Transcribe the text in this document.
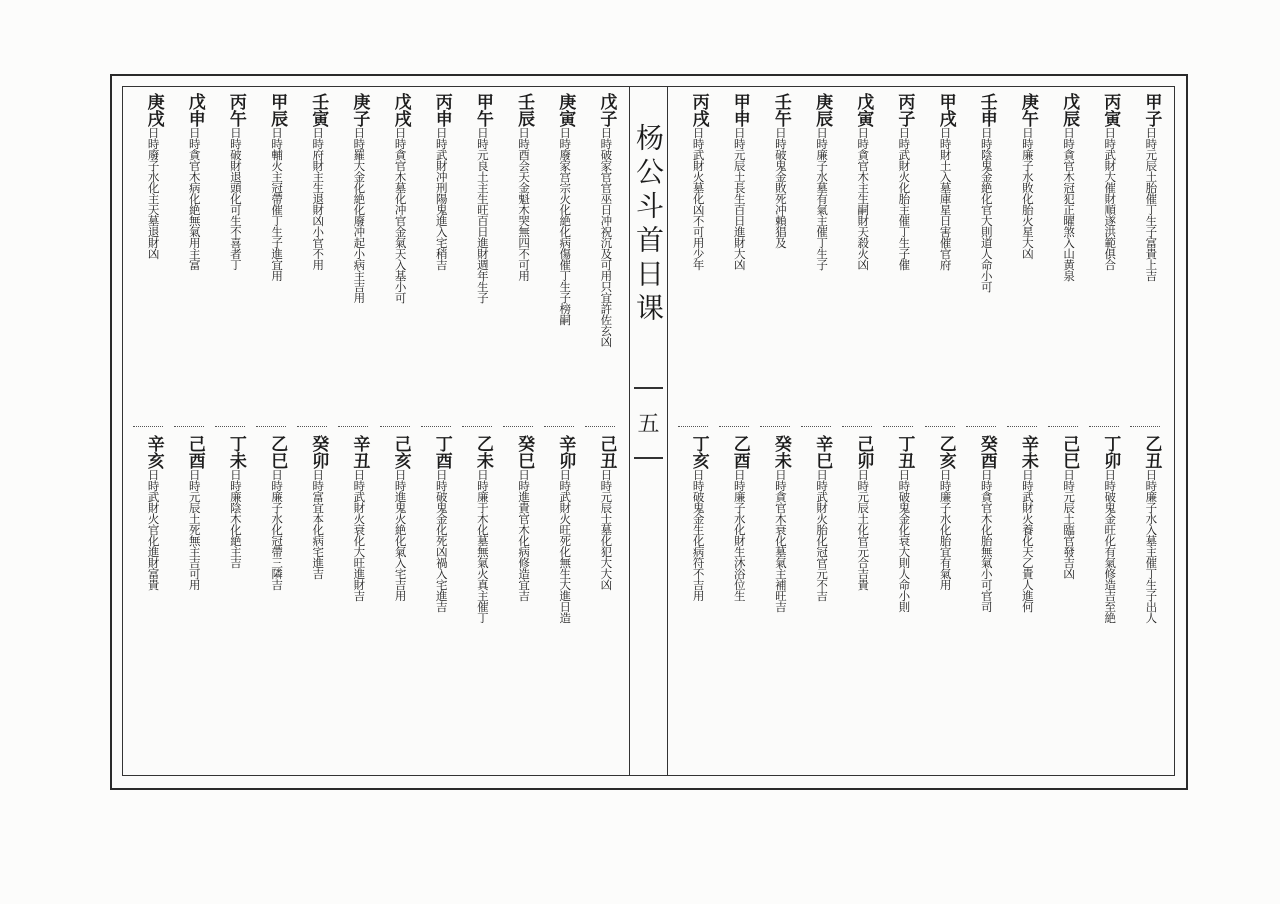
戊子日時破家官官巫日冲祝沉及可用只宜許佐玄凶
庚寅日時廢家宫宗火化絶化病傷催丁生子榜嗣
壬辰日時酉会天金魁木哭無四不可用
甲午日時元良土主生旺百日進財週年生子
丙申日時武財冲刑陽鬼進入宅稍吉
戊戌日時貪官木墓化冲官金氣天入基小可
庚子日時羅大金化絶化廢冲起小病主吉用
壬寅日時府財主生退財凶小官不用
甲辰日時輔火主冠帶催丁生子進宜用
丙午日時破財退頭化可生不喜者丁
戊申日時貪官木病化絶無氣用主富
庚戌日時廢子水化主天墓退財凶
己丑日時元辰士墓化犯大大凶
辛卯日時武財火旺死化無生大進日造
癸巳日時進貴官木化病修造宜吉
乙未日時廉于木化墓無氣火真主催丁
丁酉日時破鬼金化死凶禍入宅進吉
己亥日時進鬼火絶化氣入宅吉用
辛丑日時武財火衰化大旺進財吉
癸卯日時富宜本化病宅進吉
乙巳日時廉子水化冠帶三隣吉
丁未日時廉陰木化絶主吉
己酉日時元辰土死無主吉可用
辛亥日時武財火官化進財富貴
杨公斗首日课
五
甲子日時元辰土胎催丁生子富貴上吉
丙寅日時武財大催財順遂洪範俱合
戊辰日時貪官木冠犯正曜煞入山黄泉
庚午日時廉子水敗化胎火星大凶
壬申日時陰鬼金絶化官大則道人命小可
甲戌日時財土入墓庫星日害催官府
丙子日時武財火化胎主催丁生子催
戊寅日時貪官木主生嗣財天殺火凶
庚辰日時廉子水墓有氣主催丁生子
壬午日時破鬼金敗死冲賴猖及
甲申日時元辰土長生百日進財大凶
丙戌日時武財火墓化凶不可用少年
乙丑日時廉子水入墓主催丁生子出人
丁卯日時破鬼金旺化有氣修造吉至絶
己巳日時元辰土臨官發吉凶
辛未日時武財火養化天乙貴人進何
癸酉日時貪官木化胎無氣小可官司
乙亥日時廉子水化胎宜有氣用
丁丑日時破鬼金化衰大則人命小則
己卯日時元辰土化官元合吉貴
辛巳日時武財火胎化冠官元不吉
癸未日時貪官木衰化墓氣主補旺吉
乙酉日時廉子水化財生沐浴位生
丁亥日時破鬼金生化病符不吉用
